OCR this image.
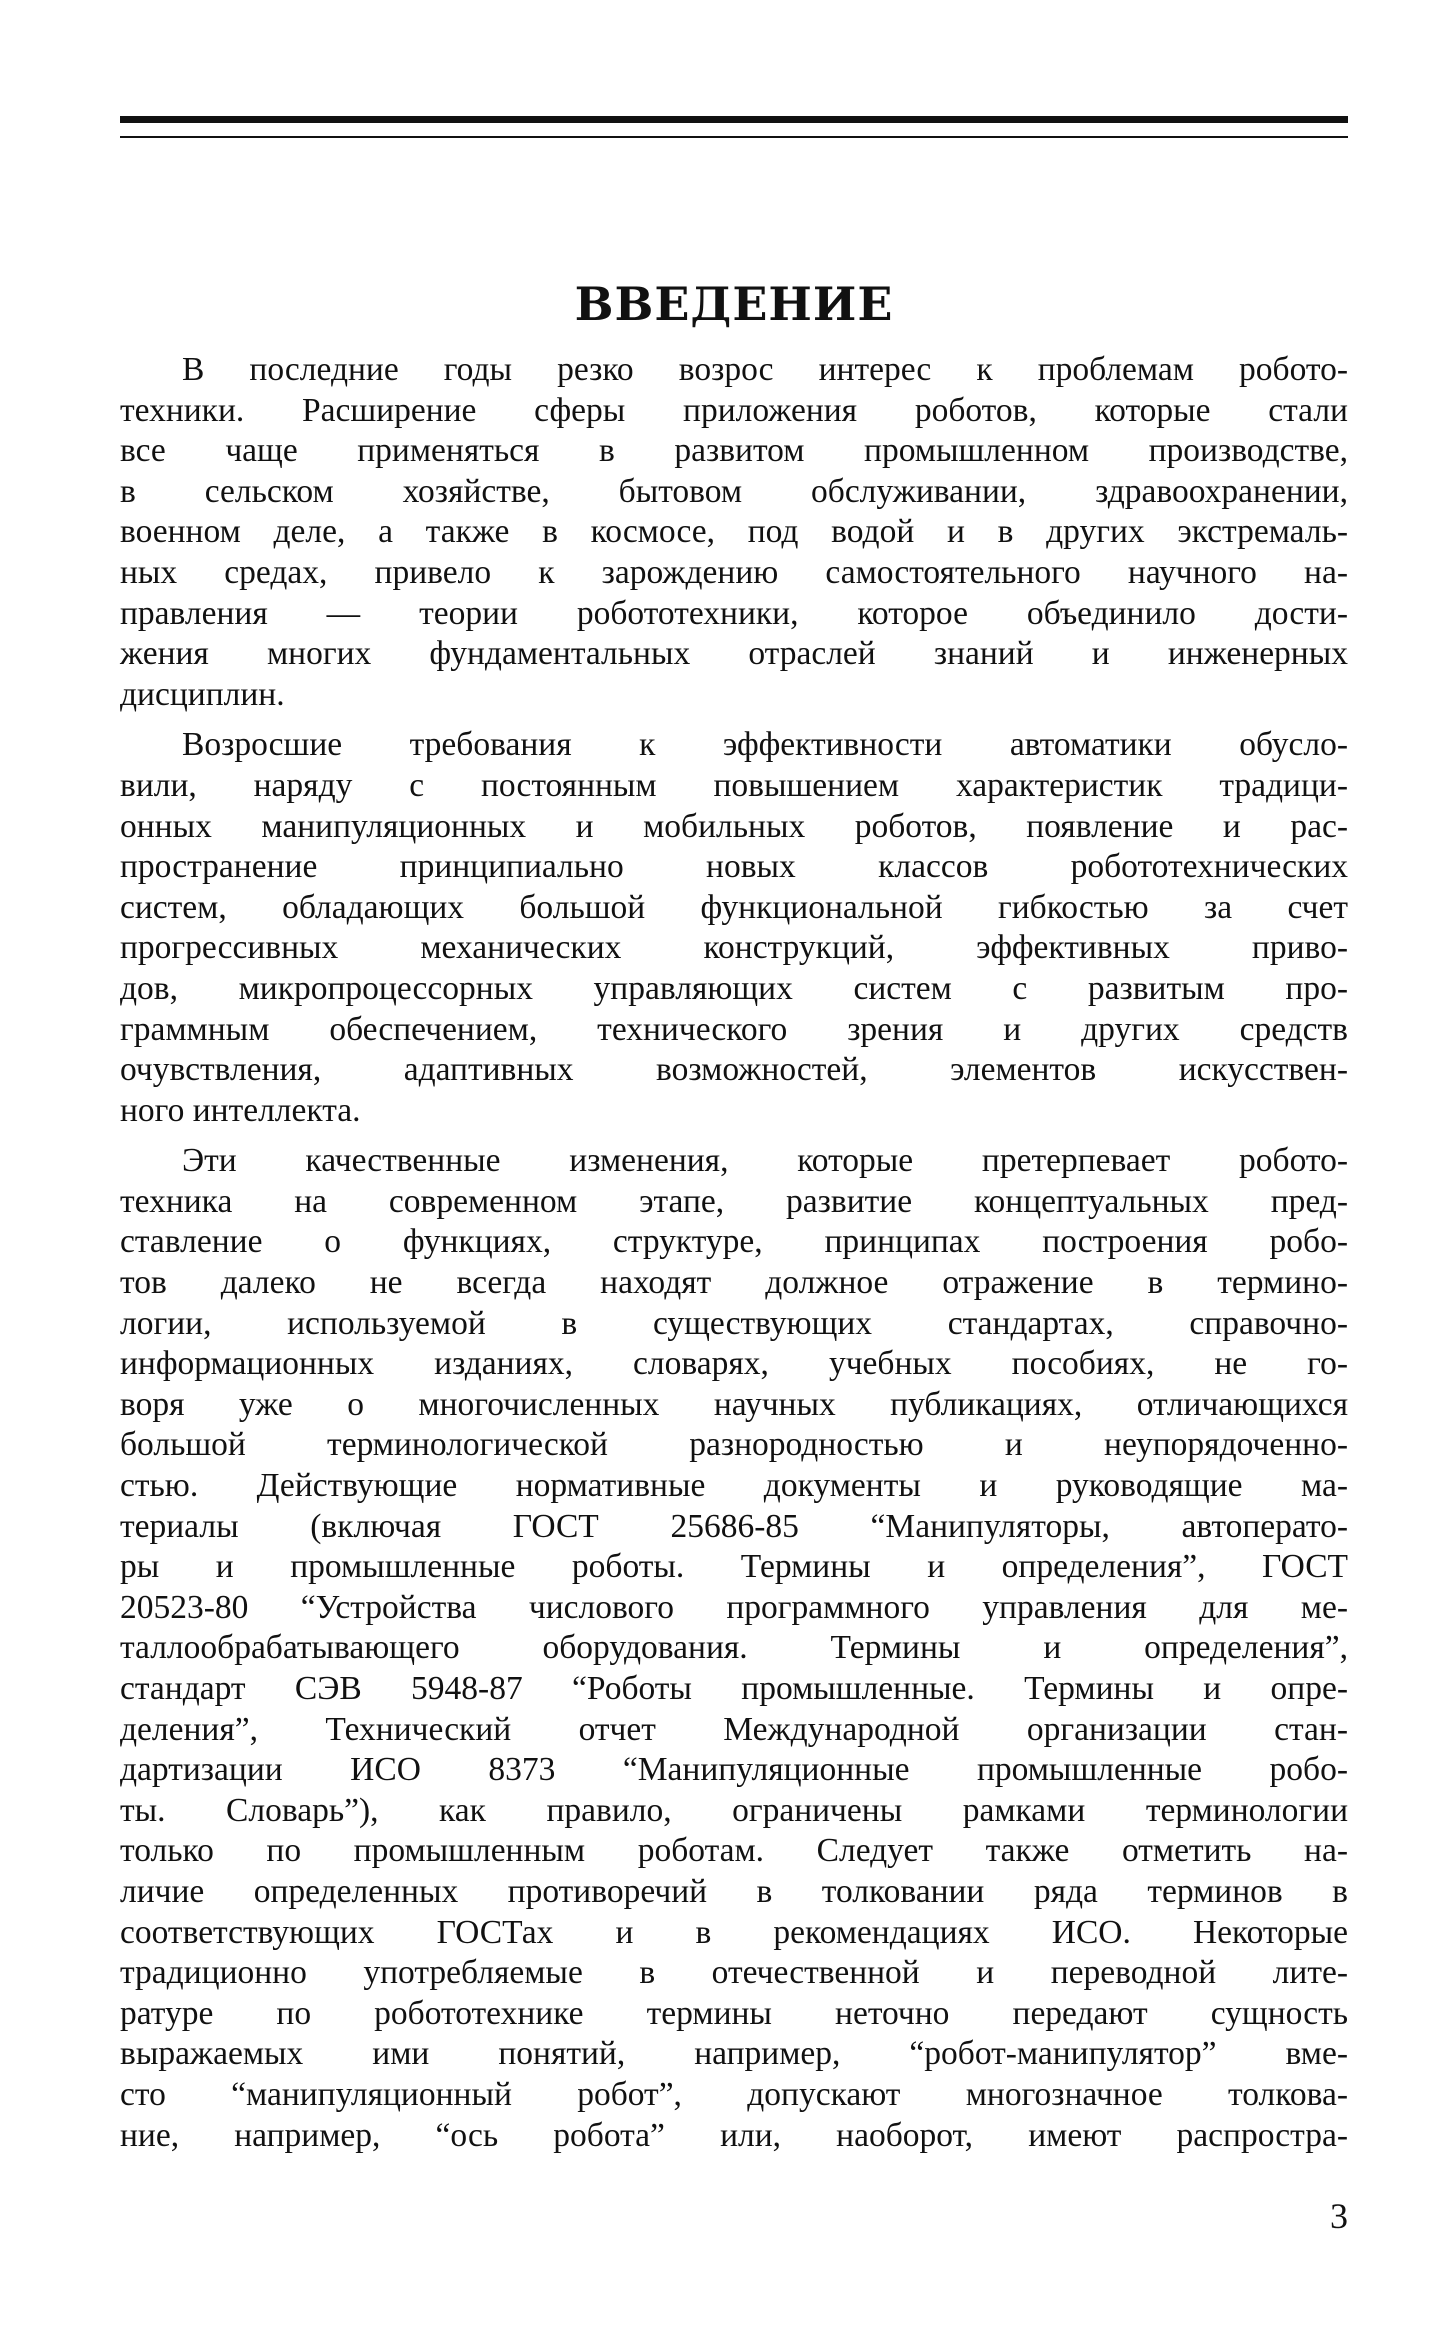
ВВЕДЕНИЕ
В последние годы резко возрос интерес к проблемам робото-
техники. Расширение сферы приложения роботов, которые стали
все чаще применяться в развитом промышленном производстве,
в сельском хозяйстве, бытовом обслуживании, здравоохранении,
военном деле, а также в космосе, под водой и в других экстремаль-
ных средах, привело к зарождению самостоятельного научного на-
правления — теории робототехники, которое объединило дости-
жения многих фундаментальных отраслей знаний и инженерных
дисциплин.
Возросшие требования к эффективности автоматики обусло-
вили, наряду с постоянным повышением характеристик традици-
онных манипуляционных и мобильных роботов, появление и рас-
пространение принципиально новых классов робототехнических
систем, обладающих большой функциональной гибкостью за счет
прогрессивных механических конструкций, эффективных приво-
дов, микропроцессорных управляющих систем с развитым про-
граммным обеспечением, технического зрения и других средств
очувствления, адаптивных возможностей, элементов искусствен-
ного интеллекта.
Эти качественные изменения, которые претерпевает робото-
техника на современном этапе, развитие концептуальных пред-
ставление о функциях, структуре, принципах построения робо-
тов далеко не всегда находят должное отражение в термино-
логии, используемой в существующих стандартах, справочно-
информационных изданиях, словарях, учебных пособиях, не го-
воря уже о многочисленных научных публикациях, отличающихся
большой терминологической разнородностью и неупорядоченно-
стью. Действующие нормативные документы и руководящие ма-
териалы (включая ГОСТ 25686-85 “Манипуляторы, автоперато-
ры и промышленные роботы. Термины и определения”, ГОСТ
20523-80 “Устройства числового программного управления для ме-
таллообрабатывающего оборудования. Термины и определения”,
стандарт СЭВ 5948-87 “Роботы промышленные. Термины и опре-
деления”, Технический отчет Международной организации стан-
дартизации ИСО 8373 “Манипуляционные промышленные робо-
ты. Словарь”), как правило, ограничены рамками терминологии
только по промышленным роботам. Следует также отметить на-
личие определенных противоречий в толковании ряда терминов в
соответствующих ГОСТах и в рекомендациях ИСО. Некоторые
традиционно употребляемые в отечественной и переводной лите-
ратуре по робототехнике термины неточно передают сущность
выражаемых ими понятий, например, “робот-манипулятор” вме-
сто “манипуляционный робот”, допускают многозначное толкова-
ние, например, “ось робота” или, наоборот, имеют распростра-
3
